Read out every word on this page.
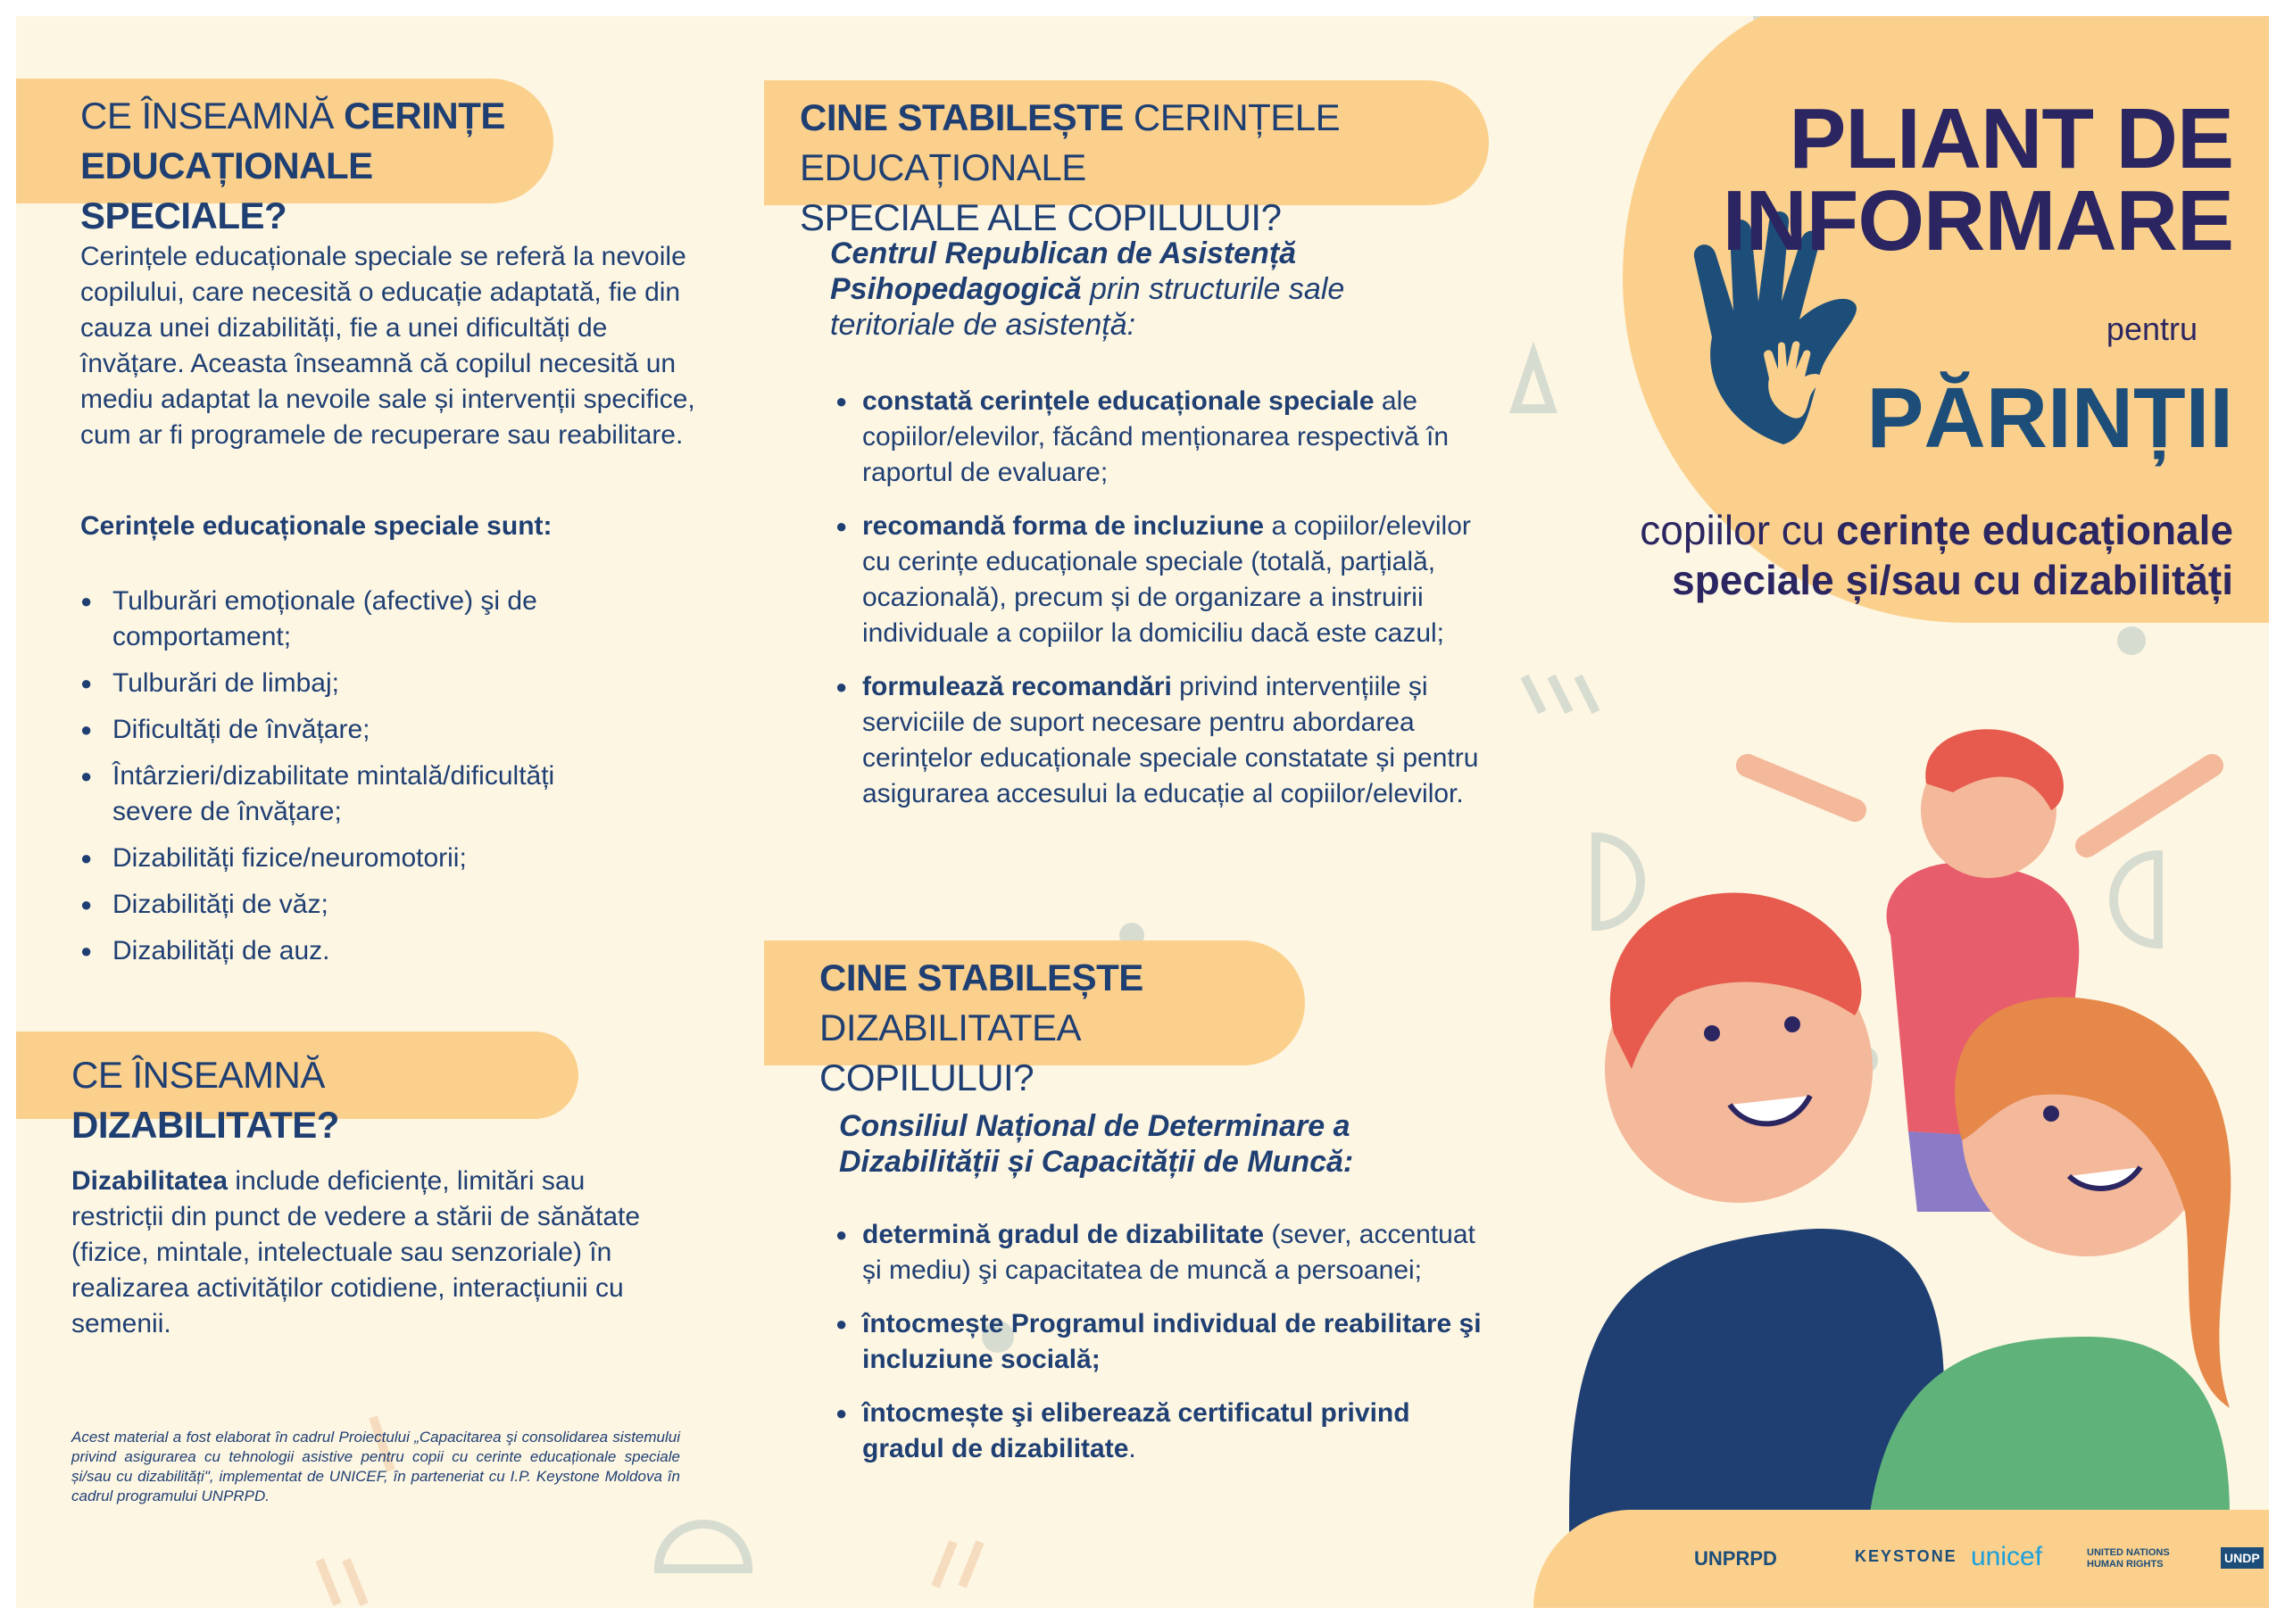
CE ÎNSEAMNĂ CERINȚE
EDUCAȚIONALE SPECIALE?
Cerințele educaționale speciale se referă la nevoile copilului, care necesită o educație adaptată, fie din cauza unei dizabilități, fie a unei dificultăți de învățare. Aceasta înseamnă că copilul necesită un mediu adaptat la nevoile sale și intervenții specifice, cum ar fi programele de recuperare sau reabilitare.
Cerințele educaționale speciale sunt:
● Tulburări emoționale (afective) şi de comportament;
● Tulburări de limbaj;
● Dificultăți de învățare;
● Întârzieri/dizabilitate mintală/dificultăți severe de învățare;
● Dizabilități fizice/neuromotorii;
● Dizabilități de văz;
● Dizabilități de auz.
CE ÎNSEAMNĂ DIZABILITATE?
Dizabilitatea include deficiențe, limitări sau restricții din punct de vedere a stării de sănătate (fizice, mintale, intelectuale sau senzoriale) în realizarea activităților cotidiene, interacțiunii cu semenii.
Acest material a fost elaborat în cadrul Proiectului „Capacitarea şi consolidarea sistemului privind asigurarea cu tehnologii asistive pentru copii cu cerinte educaționale speciale și/sau cu dizabilități", implementat de UNICEF, în parteneriat cu I.P. Keystone Moldova în cadrul programului UNPRPD.
CINE STABILEȘTE CERINȚELE EDUCAȚIONALE
SPECIALE ALE COPILULUI?
Centrul Republican de Asistență Psihopedagogică prin structurile sale teritoriale de asistență:
● constată cerințele educaționale speciale ale copiilor/elevilor, făcând menționarea respectivă în raportul de evaluare;
● recomandă forma de incluziune a copiilor/elevilor cu cerințe educaționale speciale (totală, parțială, ocazională), precum și de organizare a instruirii individuale a copiilor la domiciliu dacă este cazul;
● formulează recomandări privind intervențiile și serviciile de suport necesare pentru abordarea cerințelor educaționale speciale constatate și pentru asigurarea accesului la educație al copiilor/elevilor.
CINE STABILEȘTE
DIZABILITATEA COPILULUI?
Consiliul Național de Determinare a Dizabilității și Capacității de Muncă:
● determină gradul de dizabilitate (sever, accentuat și mediu) şi capacitatea de muncă a persoanei;
● întocmește Programul individual de reabilitare şi incluziune socială;
● întocmește şi eliberează certificatul privind gradul de dizabilitate.
PLIANT DE
INFORMARE
pentru
PĂRINȚII
copiilor cu cerințe educaționale
speciale și/sau cu dizabilități
UNPRPD	KEYSTONE unicef	UNITED NATIONS HUMAN RIGHTS	UNDP
